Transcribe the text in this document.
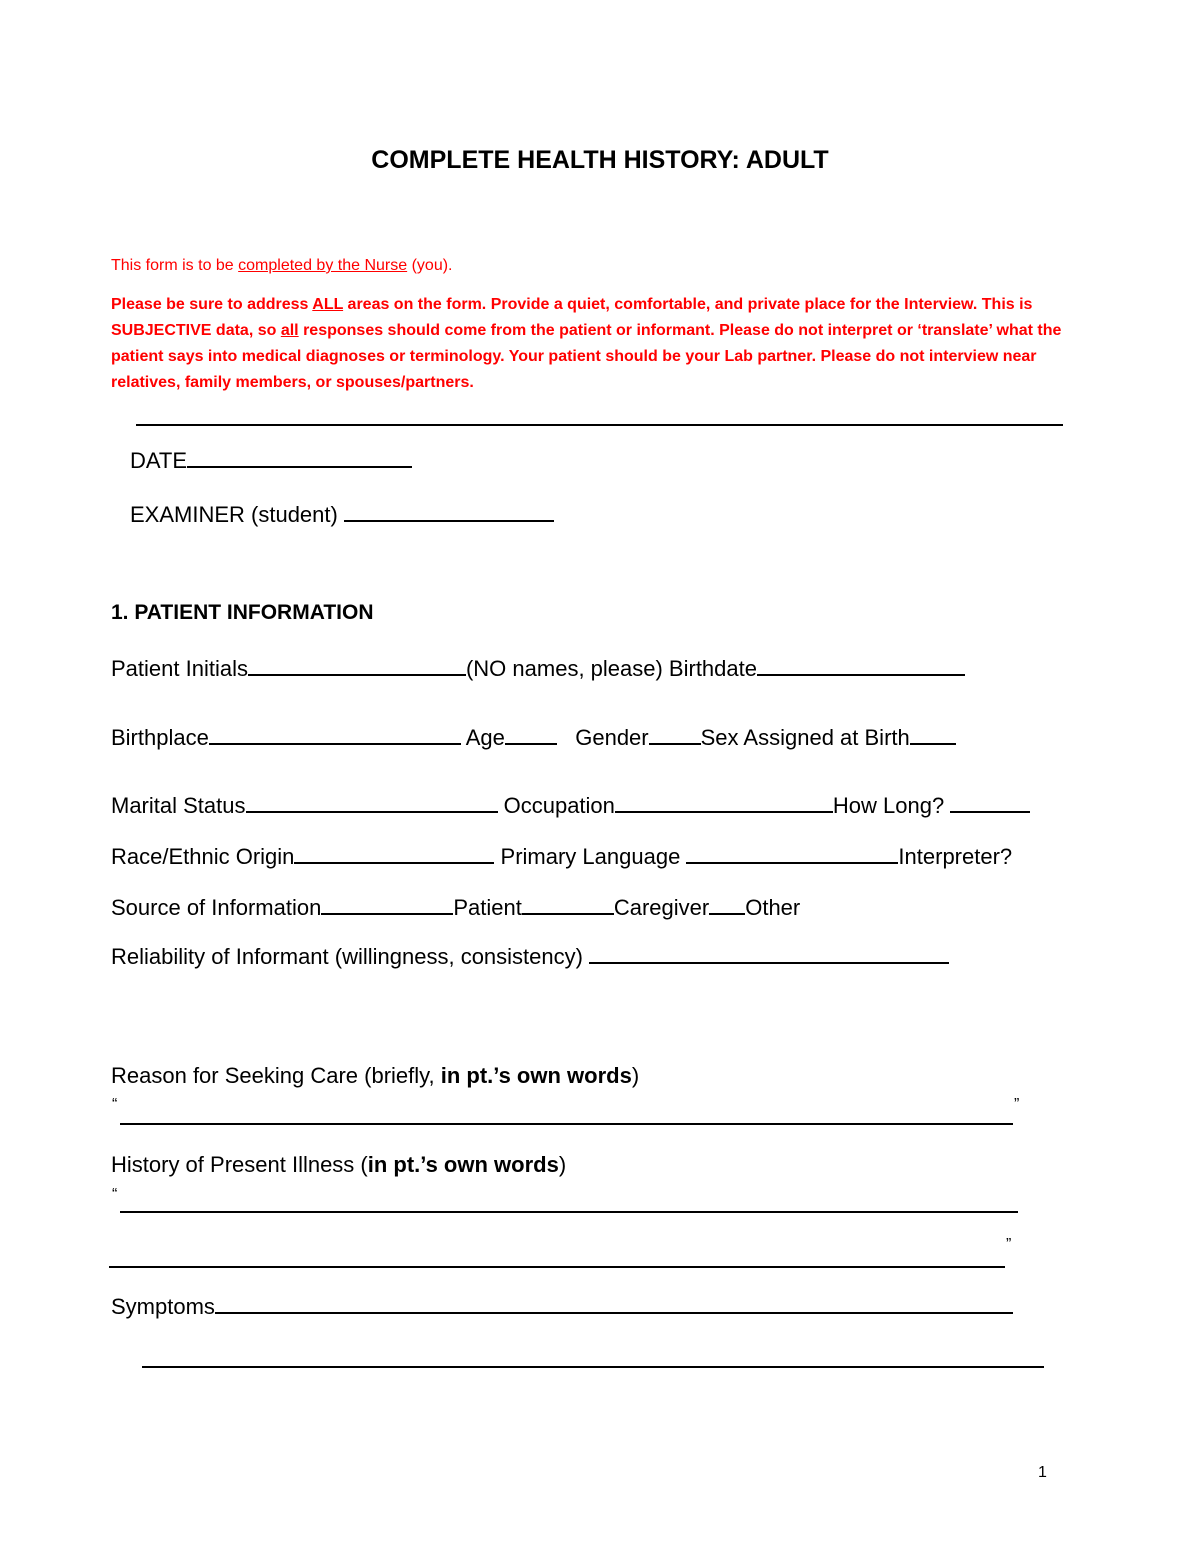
COMPLETE HEALTH HISTORY: ADULT
This form is to be completed by the Nurse (you).
Please be sure to address ALL areas on the form. Provide a quiet, comfortable, and private place for the Interview. This is SUBJECTIVE data, so all responses should come from the patient or informant. Please do not interpret or ‘translate’ what the patient says into medical diagnoses or terminology. Your patient should be your Lab partner. Please do not interview near relatives, family members, or spouses/partners.
DATE
EXAMINER (student)
1. PATIENT INFORMATION
Patient Initials	(NO names, please) Birthdate
Birthplace	Age	Gender Sex Assigned at Birth
Marital Status	Occupation	How Long?
Race/Ethnic Origin	Primary Language	Interpreter?
Source of Information	Patient	Caregiver Other
Reliability of Informant (willingness, consistency)
Reason for Seeking Care (briefly, in pt.’s own words)
“	”
History of Present Illness (in pt.’s own words)
“
”
Symptoms
1
